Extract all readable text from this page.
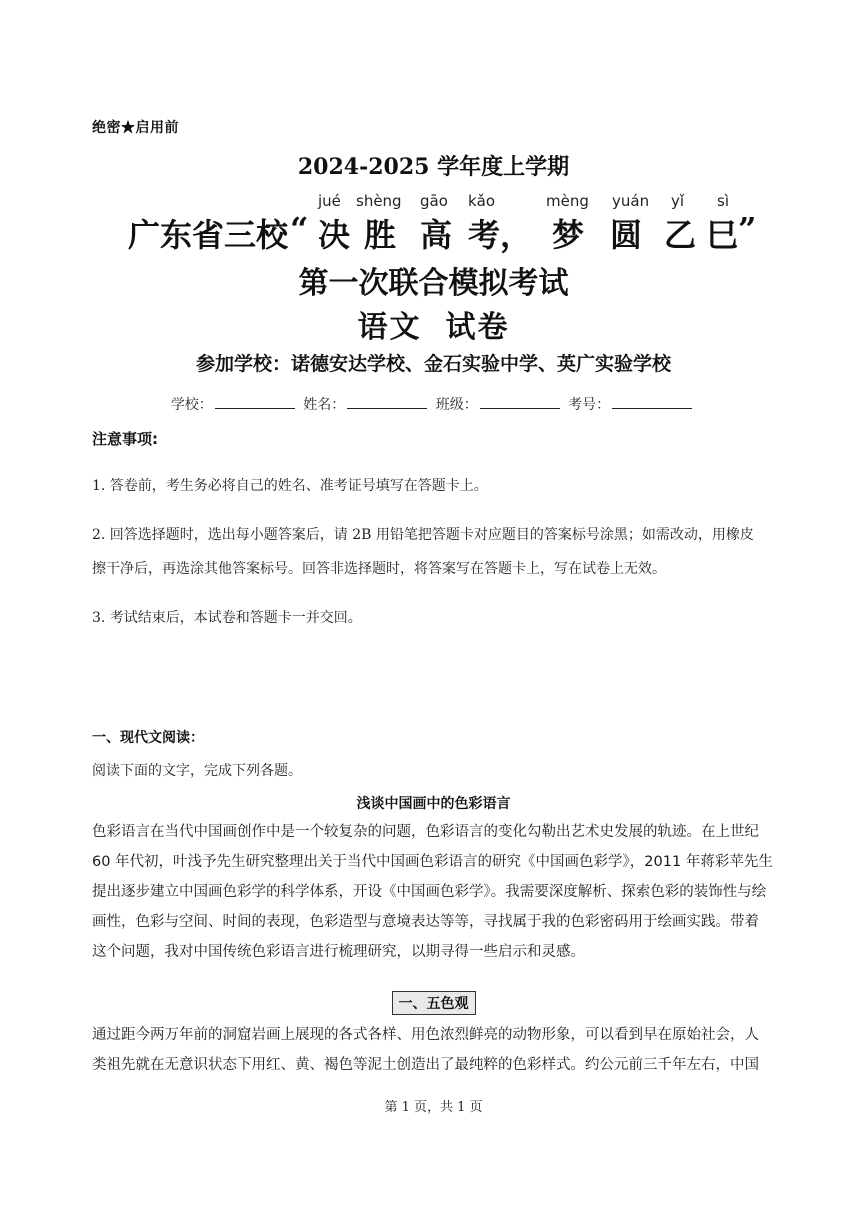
绝密★启用前
2024-2025 学年度上学期
jué shèng gāo kǎo	mèng yuán yǐ sì
广东省三校 “ 决 胜 高 考， 梦 圆 乙 巳 ”
第一次联合模拟考试
语文 试卷
参加学校：诺德安达学校、金石实验中学、英广实验学校
学校：	姓名：	班级：	考号：
注意事项:
1. 答卷前，考生务必将自己的姓名、准考证号填写在答题卡上。
2. 回答选择题时，选出每小题答案后，请 2B 用铅笔把答题卡对应题目的答案标号涂黑；如需改动，用橡皮
擦干净后，再选涂其他答案标号。回答非选择题时，将答案写在答题卡上，写在试卷上无效。
3. 考试结束后，本试卷和答题卡一并交回。
一、现代文阅读：
阅读下面的文字，完成下列各题。
浅谈中国画中的色彩语言
色彩语言在当代中国画创作中是一个较复杂的问题，色彩语言的变化勾勒出艺术史发展的轨迹。在上世纪
60 年代初，叶浅予先生研究整理出关于当代中国画色彩语言的研究《中国画色彩学》，2011 年蒋彩苹先生
提出逐步建立中国画色彩学的科学体系，开设《中国画色彩学》。我需要深度解析、探索色彩的装饰性与绘
画性，色彩与空间、时间的表现，色彩造型与意境表达等等，寻找属于我的色彩密码用于绘画实践。带着
这个问题，我对中国传统色彩语言进行梳理研究，以期寻得一些启示和灵感。
一、五色观
通过距今两万年前的洞窟岩画上展现的各式各样、用色浓烈鲜亮的动物形象，可以看到早在原始社会，人
类祖先就在无意识状态下用红、黄、褐色等泥土创造出了最纯粹的色彩样式。约公元前三千年左右，中国
第 1 页，共 1 页
